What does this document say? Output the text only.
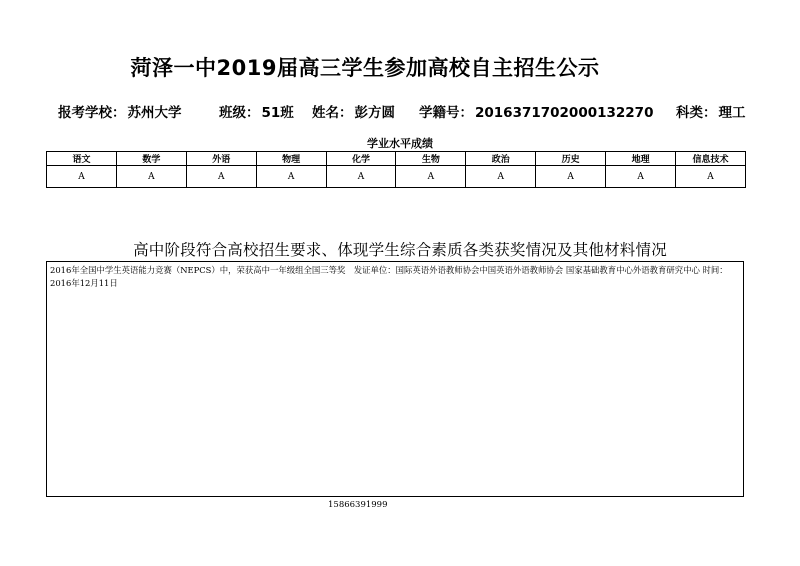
菏泽一中2019届高三学生参加高校自主招生公示
报考学校： 苏州大学	班级： 51班 姓名： 彭方圆 学籍号： 2016371702000132270 科类： 理工
学业水平成绩
语文	数学	外语	物理	化学	生物	政治	历史	地理	信息技术
A	A	A	A	A	A	A	A	A	A
高中阶段符合高校招生要求、体现学生综合素质各类获奖情况及其他材料情况
2016年全国中学生英语能力竞赛（NEPCS）中，荣获高中一年级组全国三等奖　发证单位：国际英语外语教师协会中国英语外语教师协会 国家基础教育中心外语教育研究中心 时间：2016年12月11日
15866391999
